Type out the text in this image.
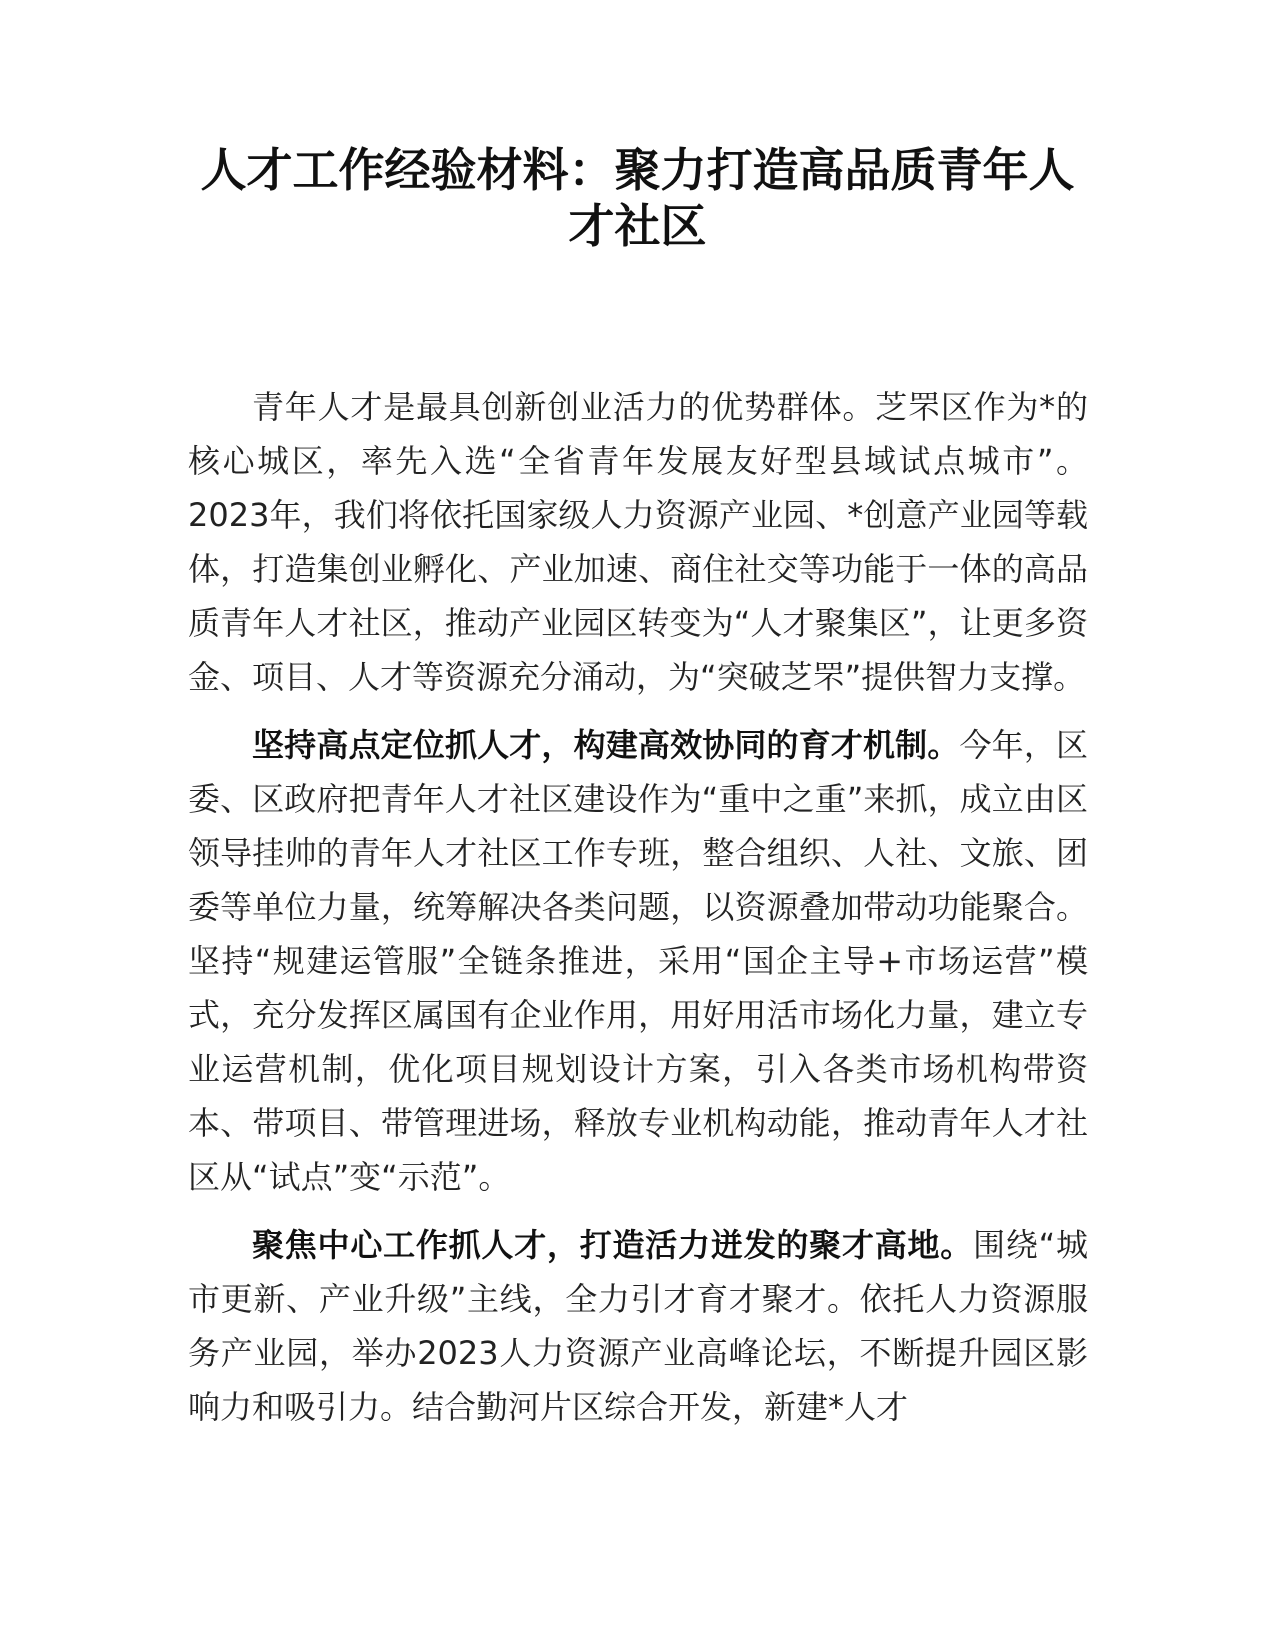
人才工作经验材料：聚力打造高品质青年人才社区

青年人才是最具创新创业活力的优势群体。芝罘区作为*的核心城区，率先入选“全省青年发展友好型县域试点城市”。2023年，我们将依托国家级人力资源产业园、*创意产业园等载体，打造集创业孵化、产业加速、商住社交等功能于一体的高品质青年人才社区，推动产业园区转变为“人才聚集区”，让更多资金、项目、人才等资源充分涌动，为“突破芝罘”提供智力支撑。

坚持高点定位抓人才，构建高效协同的育才机制。今年，区委、区政府把青年人才社区建设作为“重中之重”来抓，成立由区领导挂帅的青年人才社区工作专班，整合组织、人社、文旅、团委等单位力量，统筹解决各类问题，以资源叠加带动功能聚合。坚持“规建运管服”全链条推进，采用“国企主导+市场运营”模式，充分发挥区属国有企业作用，用好用活市场化力量，建立专业运营机制，优化项目规划设计方案，引入各类市场机构带资本、带项目、带管理进场，释放专业机构动能，推动青年人才社区从“试点”变“示范”。

聚焦中心工作抓人才，打造活力迸发的聚才高地。围绕“城市更新、产业升级”主线，全力引才育才聚才。依托人力资源服务产业园，举办2023人力资源产业高峰论坛，不断提升园区影响力和吸引力。结合勤河片区综合开发，新建*人才
